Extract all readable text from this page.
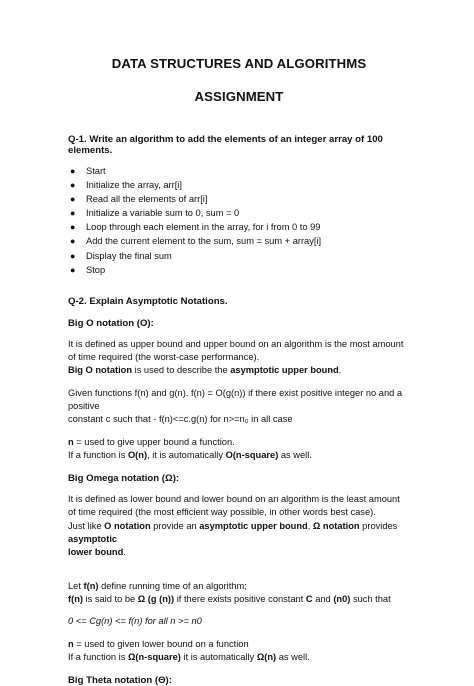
DATA STRUCTURES AND ALGORITHMS

ASSIGNMENT

Q-1. Write an algorithm to add the elements of an integer array of 100 elements.

●	Start
●	Initialize the array, arr[i]
●	Read all the elements of arr[i]
●	Initialize a variable sum to 0, sum = 0
●	Loop through each element in the array, for i from 0 to 99
●	Add the current element to the sum, sum = sum + array[i]
●	Display the final sum
●	Stop

Q-2. Explain Asymptotic Notations.

Big O notation (O):

It is defined as upper bound and upper bound on an algorithm is the most amount of time required (the worst-case performance).

Big O notation is used to describe the asymptotic upper bound.

Given functions f(n) and g(n). f(n) = O(g(n)) if there exist positive integer no and a positive

constant c such that - f(n)<=c.g(n) for n>=n₀ in all case

n = used to give upper bound a function.

If a function is O(n), it is automatically O(n-square) as well.

Big Omega notation (Ω):

It is defined as lower bound and lower bound on an algorithm is the least amount of time required (the most efficient way possible, in other words best case).

Just like O notation provide an asymptotic upper bound, Ω notation provides asymptotic
lower bound.

Let f(n) define running time of an algorithm;

f(n) is said to be Ω (g (n)) if there exists positive constant C and (n0) such that

0 <= Cg(n) <= f(n) for all n >= n0

n = used to given lower bound on a function

If a function is Ω(n-square) it is automatically Ω(n) as well.

Big Theta notation (Θ):
